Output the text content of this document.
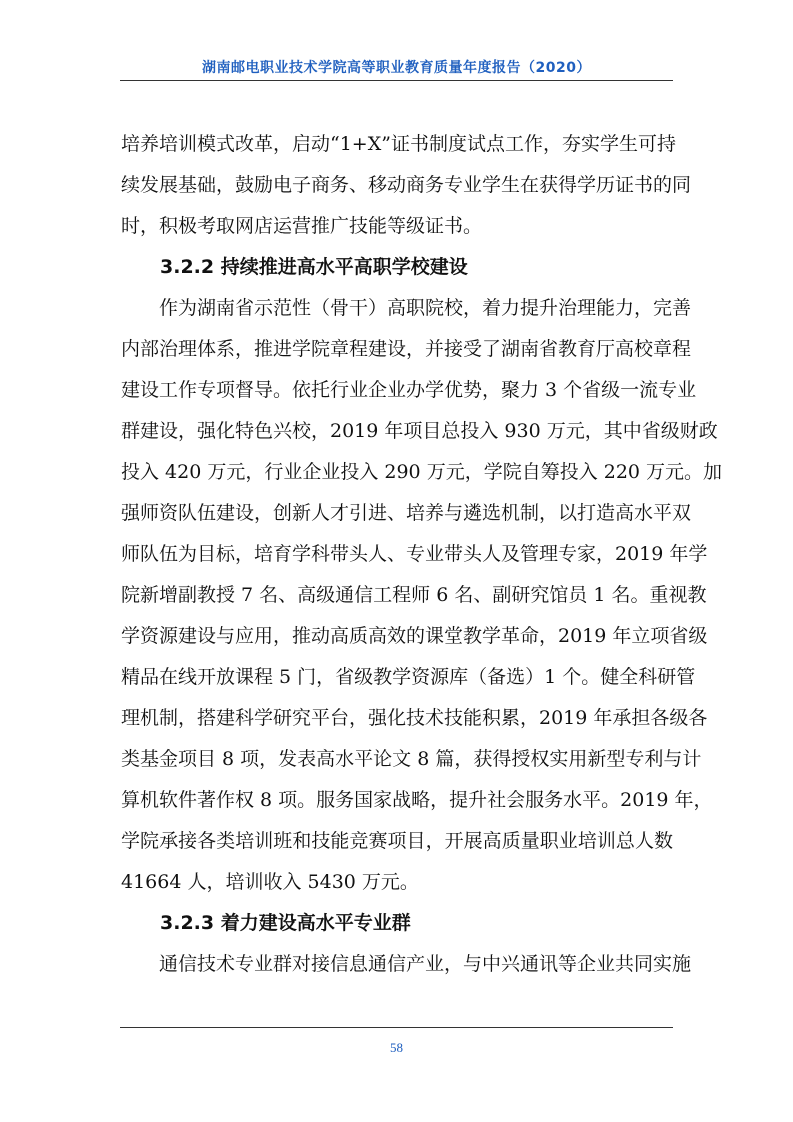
湖南邮电职业技术学院高等职业教育质量年度报告（2020）

培养培训模式改革，启动“1+X”证书制度试点工作，夯实学生可持
续发展基础，鼓励电子商务、移动商务专业学生在获得学历证书的同
时，积极考取网店运营推广技能等级证书。

3.2.2 持续推进高水平高职学校建设

作为湖南省示范性（骨干）高职院校，着力提升治理能力，完善
内部治理体系，推进学院章程建设，并接受了湖南省教育厅高校章程
建设工作专项督导。依托行业企业办学优势，聚力 3 个省级一流专业
群建设，强化特色兴校，2019 年项目总投入 930 万元，其中省级财政
投入 420 万元，行业企业投入 290 万元，学院自筹投入 220 万元。加
强师资队伍建设，创新人才引进、培养与遴选机制，以打造高水平双
师队伍为目标，培育学科带头人、专业带头人及管理专家，2019 年学
院新增副教授 7 名、高级通信工程师 6 名、副研究馆员 1 名。重视教
学资源建设与应用，推动高质高效的课堂教学革命，2019 年立项省级
精品在线开放课程 5 门，省级教学资源库（备选）1 个。健全科研管
理机制，搭建科学研究平台，强化技术技能积累，2019 年承担各级各
类基金项目 8 项，发表高水平论文 8 篇，获得授权实用新型专利与计
算机软件著作权 8 项。服务国家战略，提升社会服务水平。2019 年，
学院承接各类培训班和技能竞赛项目，开展高质量职业培训总人数
41664 人，培训收入 5430 万元。

3.2.3 着力建设高水平专业群

通信技术专业群对接信息通信产业，与中兴通讯等企业共同实施

58
